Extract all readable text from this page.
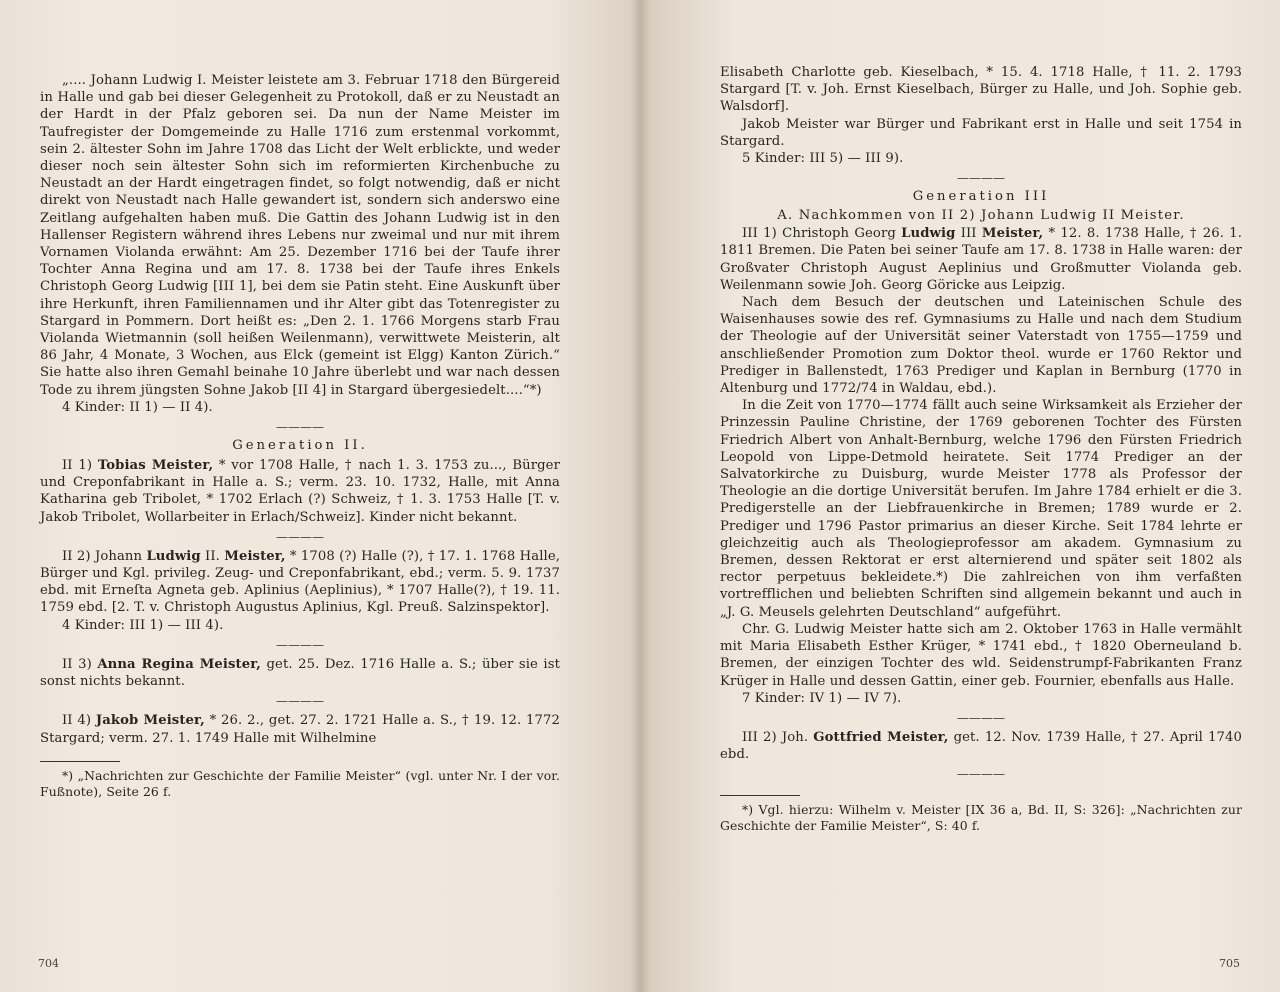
„.... Johann Ludwig I. Meister leistete am 3. Februar 1718 den Bürgereid in Halle und gab bei dieser Gelegenheit zu Protokoll, daß er zu Neustadt an der Hardt in der Pfalz geboren sei. Da nun der Name Meister im Taufregister der Domgemeinde zu Halle 1716 zum erstenmal vorkommt, sein 2. ältester Sohn im Jahre 1708 das Licht der Welt erblickte, und weder dieser noch sein ältester Sohn sich im reformierten Kirchenbuche zu Neustadt an der Hardt eingetragen findet, so folgt notwendig, daß er nicht direkt von Neustadt nach Halle gewandert ist, sondern sich anderswo eine Zeitlang aufgehalten haben muß. Die Gattin des Johann Ludwig ist in den Hallenser Registern während ihres Lebens nur zweimal und nur mit ihrem Vornamen Violanda erwähnt: Am 25. Dezember 1716 bei der Taufe ihrer Tochter Anna Regina und am 17. 8. 1738 bei der Taufe ihres Enkels Christoph Georg Ludwig [III 1], bei dem sie Patin steht. Eine Auskunft über ihre Herkunft, ihren Familiennamen und ihr Alter gibt das Totenregister zu Stargard in Pommern. Dort heißt es: „Den 2. 1. 1766 Morgens starb Frau Violanda Wietmannin (soll heißen Weilenmann), verwittwete Meisterin, alt 86 Jahr, 4 Monate, 3 Wochen, aus Elck (gemeint ist Elgg) Kanton Zürich.“ Sie hatte also ihren Gemahl beinahe 10 Jahre überlebt und war nach dessen Tode zu ihrem jüngsten Sohne Jakob [II 4] in Stargard übergesiedelt....“*)

4 Kinder: II 1) — II 4).

————
Generation II.

II 1) Tobias Meister, * vor 1708 Halle, † nach 1. 3. 1753 zu..., Bürger und Creponfabrikant in Halle a. S.; verm. 23. 10. 1732, Halle, mit Anna Katharina geb Tribolet, * 1702 Erlach (?) Schweiz, † 1. 3. 1753 Halle [T. v. Jakob Tribolet, Wollarbeiter in Erlach/Schweiz]. Kinder nicht bekannt.

————

II 2) Johann Ludwig II. Meister, * 1708 (?) Halle (?), † 17. 1. 1768 Halle, Bürger und Kgl. privileg. Zeug- und Creponfabrikant, ebd.; verm. 5. 9. 1737 ebd. mit Erneſta Agneta geb. Aplinius (Aeplinius), * 1707 Halle(?), † 19. 11. 1759 ebd. [2. T. v. Christoph Augustus Aplinius, Kgl. Preuß. Salzinspektor].

4 Kinder: III 1) — III 4).

————

II 3) Anna Regina Meister, get. 25. Dez. 1716 Halle a. S.; über sie ist sonst nichts bekannt.

————

II 4) Jakob Meister, * 26. 2., get. 27. 2. 1721 Halle a. S., † 19. 12. 1772 Stargard; verm. 27. 1. 1749 Halle mit Wilhelmine

*) „Nachrichten zur Geschichte der Familie Meister“ (vgl. unter Nr. I der vor. Fußnote), Seite 26 f.

704

Elisabeth Charlotte geb. Kieselbach, * 15. 4. 1718 Halle, † 11. 2. 1793 Stargard [T. v. Joh. Ernst Kieselbach, Bürger zu Halle, und Joh. Sophie geb. Walsdorf].

Jakob Meister war Bürger und Fabrikant erst in Halle und seit 1754 in Stargard.

5 Kinder: III 5) — III 9).

————
Generation III
A. Nachkommen von II 2) Johann Ludwig II Meister.

III 1) Christoph Georg Ludwig III Meister, * 12. 8. 1738 Halle, † 26. 1. 1811 Bremen. Die Paten bei seiner Taufe am 17. 8. 1738 in Halle waren: der Großvater Christoph August Aeplinius und Großmutter Violanda geb. Weilenmann sowie Joh. Georg Göricke aus Leipzig.

Nach dem Besuch der deutschen und Lateinischen Schule des Waisenhauses sowie des ref. Gymnasiums zu Halle und nach dem Studium der Theologie auf der Universität seiner Vaterstadt von 1755—1759 und anschließender Promotion zum Doktor theol. wurde er 1760 Rektor und Prediger in Ballenstedt, 1763 Prediger und Kaplan in Bernburg (1770 in Altenburg und 1772/74 in Waldau, ebd.).

In die Zeit von 1770—1774 fällt auch seine Wirksamkeit als Erzieher der Prinzessin Pauline Christine, der 1769 geborenen Tochter des Fürsten Friedrich Albert von Anhalt-Bernburg, welche 1796 den Fürsten Friedrich Leopold von Lippe-Detmold heiratete. Seit 1774 Prediger an der Salvatorkirche zu Duisburg, wurde Meister 1778 als Professor der Theologie an die dortige Universität berufen. Im Jahre 1784 erhielt er die 3. Predigerstelle an der Liebfrauenkirche in Bremen; 1789 wurde er 2. Prediger und 1796 Pastor primarius an dieser Kirche. Seit 1784 lehrte er gleichzeitig auch als Theologieprofessor am akadem. Gymnasium zu Bremen, dessen Rektorat er erst alternierend und später seit 1802 als rector perpetuus bekleidete.*) Die zahlreichen von ihm verfaßten vortrefflichen und beliebten Schriften sind allgemein bekannt und auch in „J. G. Meusels gelehrten Deutschland“ aufgeführt.

Chr. G. Ludwig Meister hatte sich am 2. Oktober 1763 in Halle vermählt mit Maria Elisabeth Esther Krüger, * 1741 ebd., † 1820 Oberneuland b. Bremen, der einzigen Tochter des wld. Seidenstrumpf-Fabrikanten Franz Krüger in Halle und dessen Gattin, einer geb. Fournier, ebenfalls aus Halle.

7 Kinder: IV 1) — IV 7).

————

III 2) Joh. Gottfried Meister, get. 12. Nov. 1739 Halle, † 27. April 1740 ebd.

————

*) Vgl. hierzu: Wilhelm v. Meister [IX 36 a, Bd. II, S: 326]: „Nachrichten zur Geschichte der Familie Meister“, S: 40 f.

705
